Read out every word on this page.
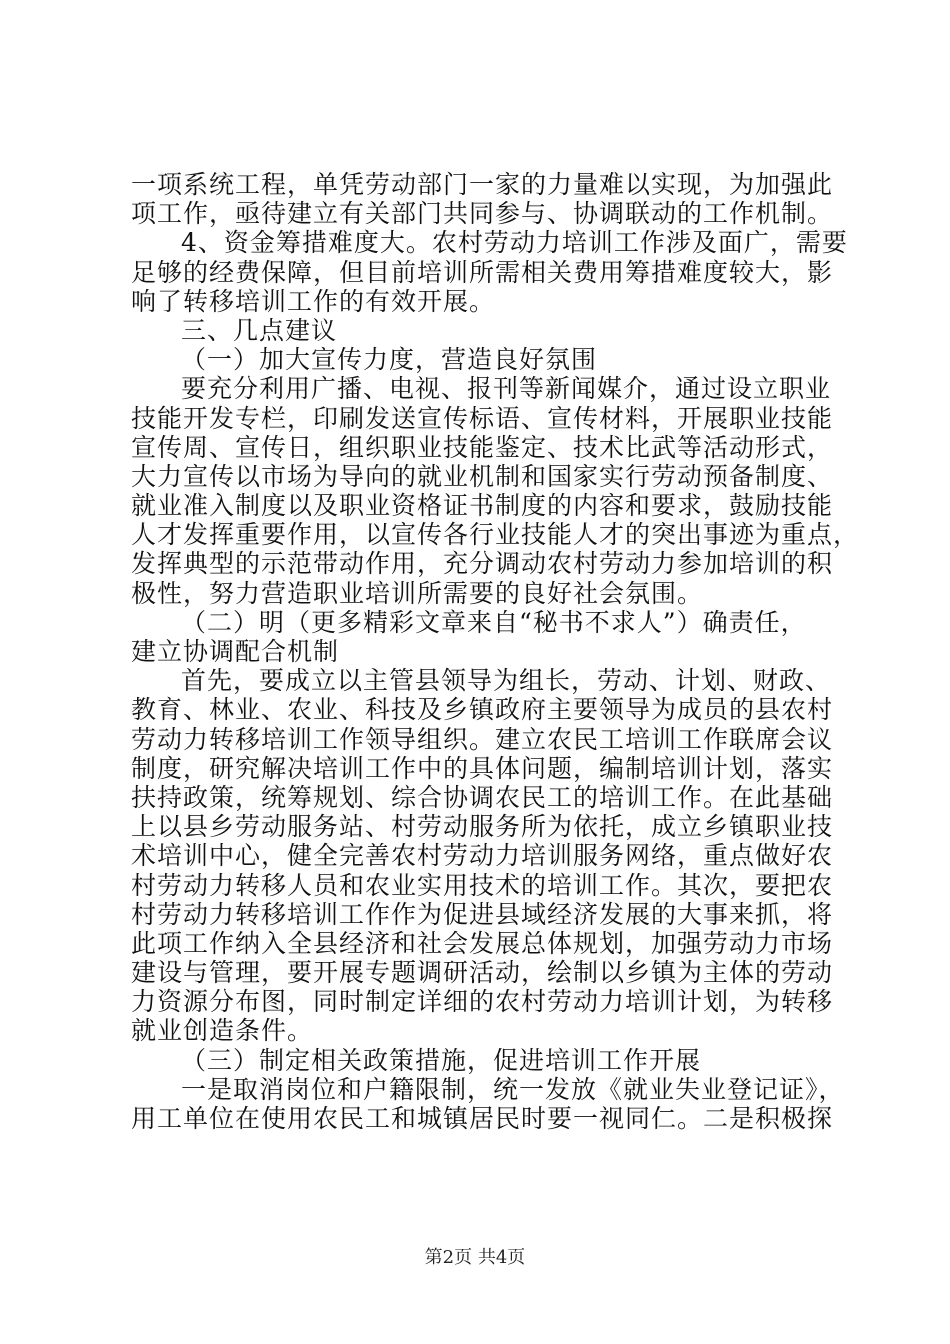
一项系统工程，单凭劳动部门一家的力量难以实现，为加强此
项工作，亟待建立有关部门共同参与、协调联动的工作机制。
4、资金筹措难度大。农村劳动力培训工作涉及面广，需要
足够的经费保障，但目前培训所需相关费用筹措难度较大，影
响了转移培训工作的有效开展。
三、几点建议
（一）加大宣传力度，营造良好氛围
要充分利用广播、电视、报刊等新闻媒介，通过设立职业
技能开发专栏，印刷发送宣传标语、宣传材料，开展职业技能
宣传周、宣传日，组织职业技能鉴定、技术比武等活动形式，
大力宣传以市场为导向的就业机制和国家实行劳动预备制度、
就业准入制度以及职业资格证书制度的内容和要求，鼓励技能
人才发挥重要作用，以宣传各行业技能人才的突出事迹为重点，
发挥典型的示范带动作用，充分调动农村劳动力参加培训的积
极性，努力营造职业培训所需要的良好社会氛围。
（二）明（更多精彩文章来自“秘书不求人”）确责任，
建立协调配合机制
首先，要成立以主管县领导为组长，劳动、计划、财政、
教育、林业、农业、科技及乡镇政府主要领导为成员的县农村
劳动力转移培训工作领导组织。建立农民工培训工作联席会议
制度，研究解决培训工作中的具体问题，编制培训计划，落实
扶持政策，统筹规划、综合协调农民工的培训工作。在此基础
上以县乡劳动服务站、村劳动服务所为依托，成立乡镇职业技
术培训中心，健全完善农村劳动力培训服务网络，重点做好农
村劳动力转移人员和农业实用技术的培训工作。其次，要把农
村劳动力转移培训工作作为促进县域经济发展的大事来抓，将
此项工作纳入全县经济和社会发展总体规划，加强劳动力市场
建设与管理，要开展专题调研活动，绘制以乡镇为主体的劳动
力资源分布图，同时制定详细的农村劳动力培训计划，为转移
就业创造条件。
（三）制定相关政策措施，促进培训工作开展
一是取消岗位和户籍限制，统一发放《就业失业登记证》，
用工单位在使用农民工和城镇居民时要一视同仁。二是积极探
第2页 共4页
